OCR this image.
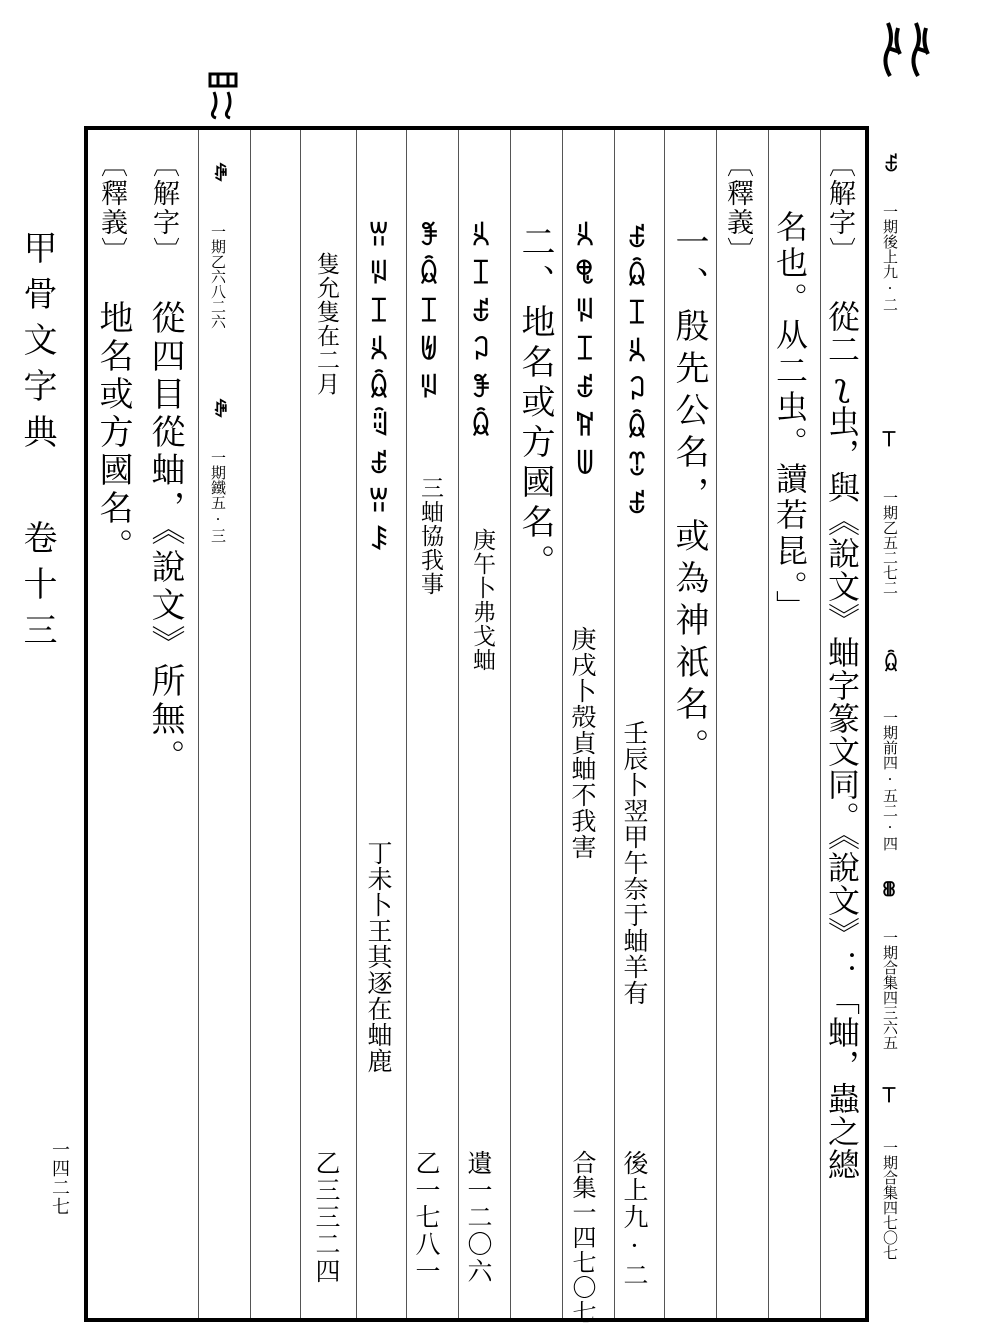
甲骨文字典
卷十三
一四二七
ꇝ
一期後上九·二
ꔋ
一期乙五二七二
ꆯ
一期前四·五二·四
ꕬ
一期合集四三六五
ꔋ
一期合集四七〇七
〔解字〕
從二ʅ虫，與《說文》蚰字篆文同。《說文》：「蚰，蟲之總
名也。从二虫。讀若昆。」
〔釋義〕
一、殷先公名，或為神祇名。
ꇝꆯꀤꈞꃀꆯꀪꇝ
壬辰卜翌甲午奈于蚰羊有
後上九·二
ꈞꁸꂫꀤꇝꋐꅐ
庚戌卜殻貞蚰不我害
合集一四七〇七
二、地名或方國名。
ꈞꀤꇝꃀꊈꆯ
庚午卜弗戈蚰
遺一二〇六
ꊈꆯꀤꉅꂫ
三蚰協我事
乙一七八一
ꀕꂫꀤꈞꆯꂤꇝꀕꄩ
丁未卜王其逐在蚰鹿
隻允隻在二月
乙三三二四
ꄵ
一期乙六八二六
ꄵ
一期鐵五·三
〔解字〕
從四目從蚰，《說文》所無。
〔釋義〕
地名或方國名。
